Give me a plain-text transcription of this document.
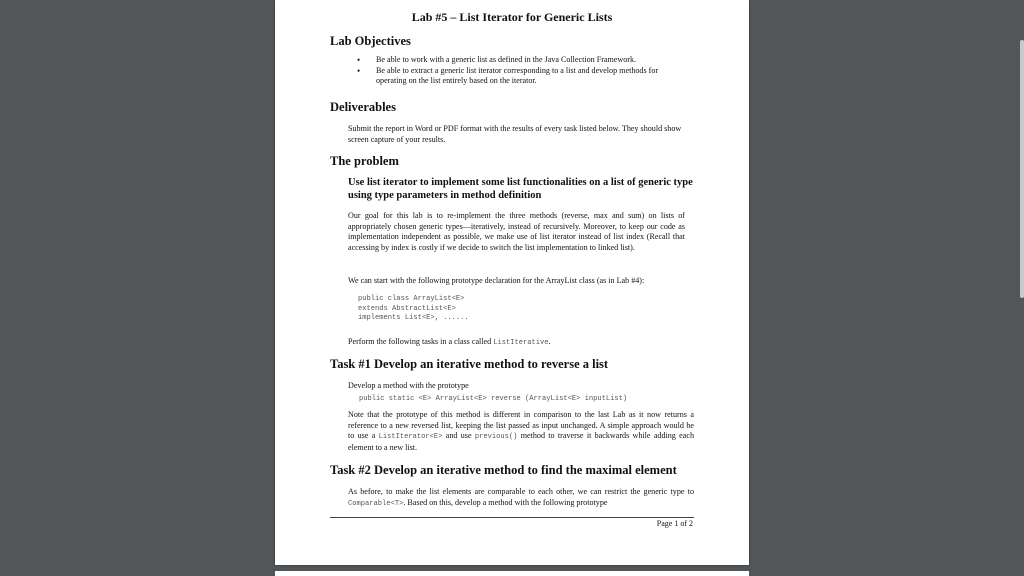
Lab #5 – List Iterator for Generic Lists
Lab Objectives
• Be able to work with a generic list as defined in the Java Collection Framework.
• Be able to extract a generic list iterator corresponding to a list and develop methods for operating on the list entirely based on the iterator.
Deliverables
Submit the report in Word or PDF format with the results of every task listed below. They should show screen capture of your results.
The problem
Use list iterator to implement some list functionalities on a list of generic type using type parameters in method definition
Our goal for this lab is to re-implement the three methods (reverse, max and sum) on lists of appropriately chosen generic types—iteratively, instead of recursively. Moreover, to keep our code as implementation independent as possible, we make use of list iterator instead of list index (Recall that accessing by index is costly if we decide to switch the list implementation to linked list).
We can start with the following prototype declaration for the ArrayList class (as in Lab #4):
public class ArrayList<E>
extends AbstractList<E>
implements List<E>, ......
Perform the following tasks in a class called ListIterative.
Task #1 Develop an iterative method to reverse a list
Develop a method with the prototype
public static <E> ArrayList<E> reverse (ArrayList<E> inputList)
Note that the prototype of this method is different in comparison to the last Lab as it now returns a reference to a new reversed list, keeping the list passed as input unchanged. A simple approach would be to use a ListIterator<E> and use previous() method to traverse it backwards while adding each element to a new list.
Task #2 Develop an iterative method to find the maximal element
As before, to make the list elements are comparable to each other, we can restrict the generic type to Comparable<T>. Based on this, develop a method with the following prototype
Page 1 of 2
